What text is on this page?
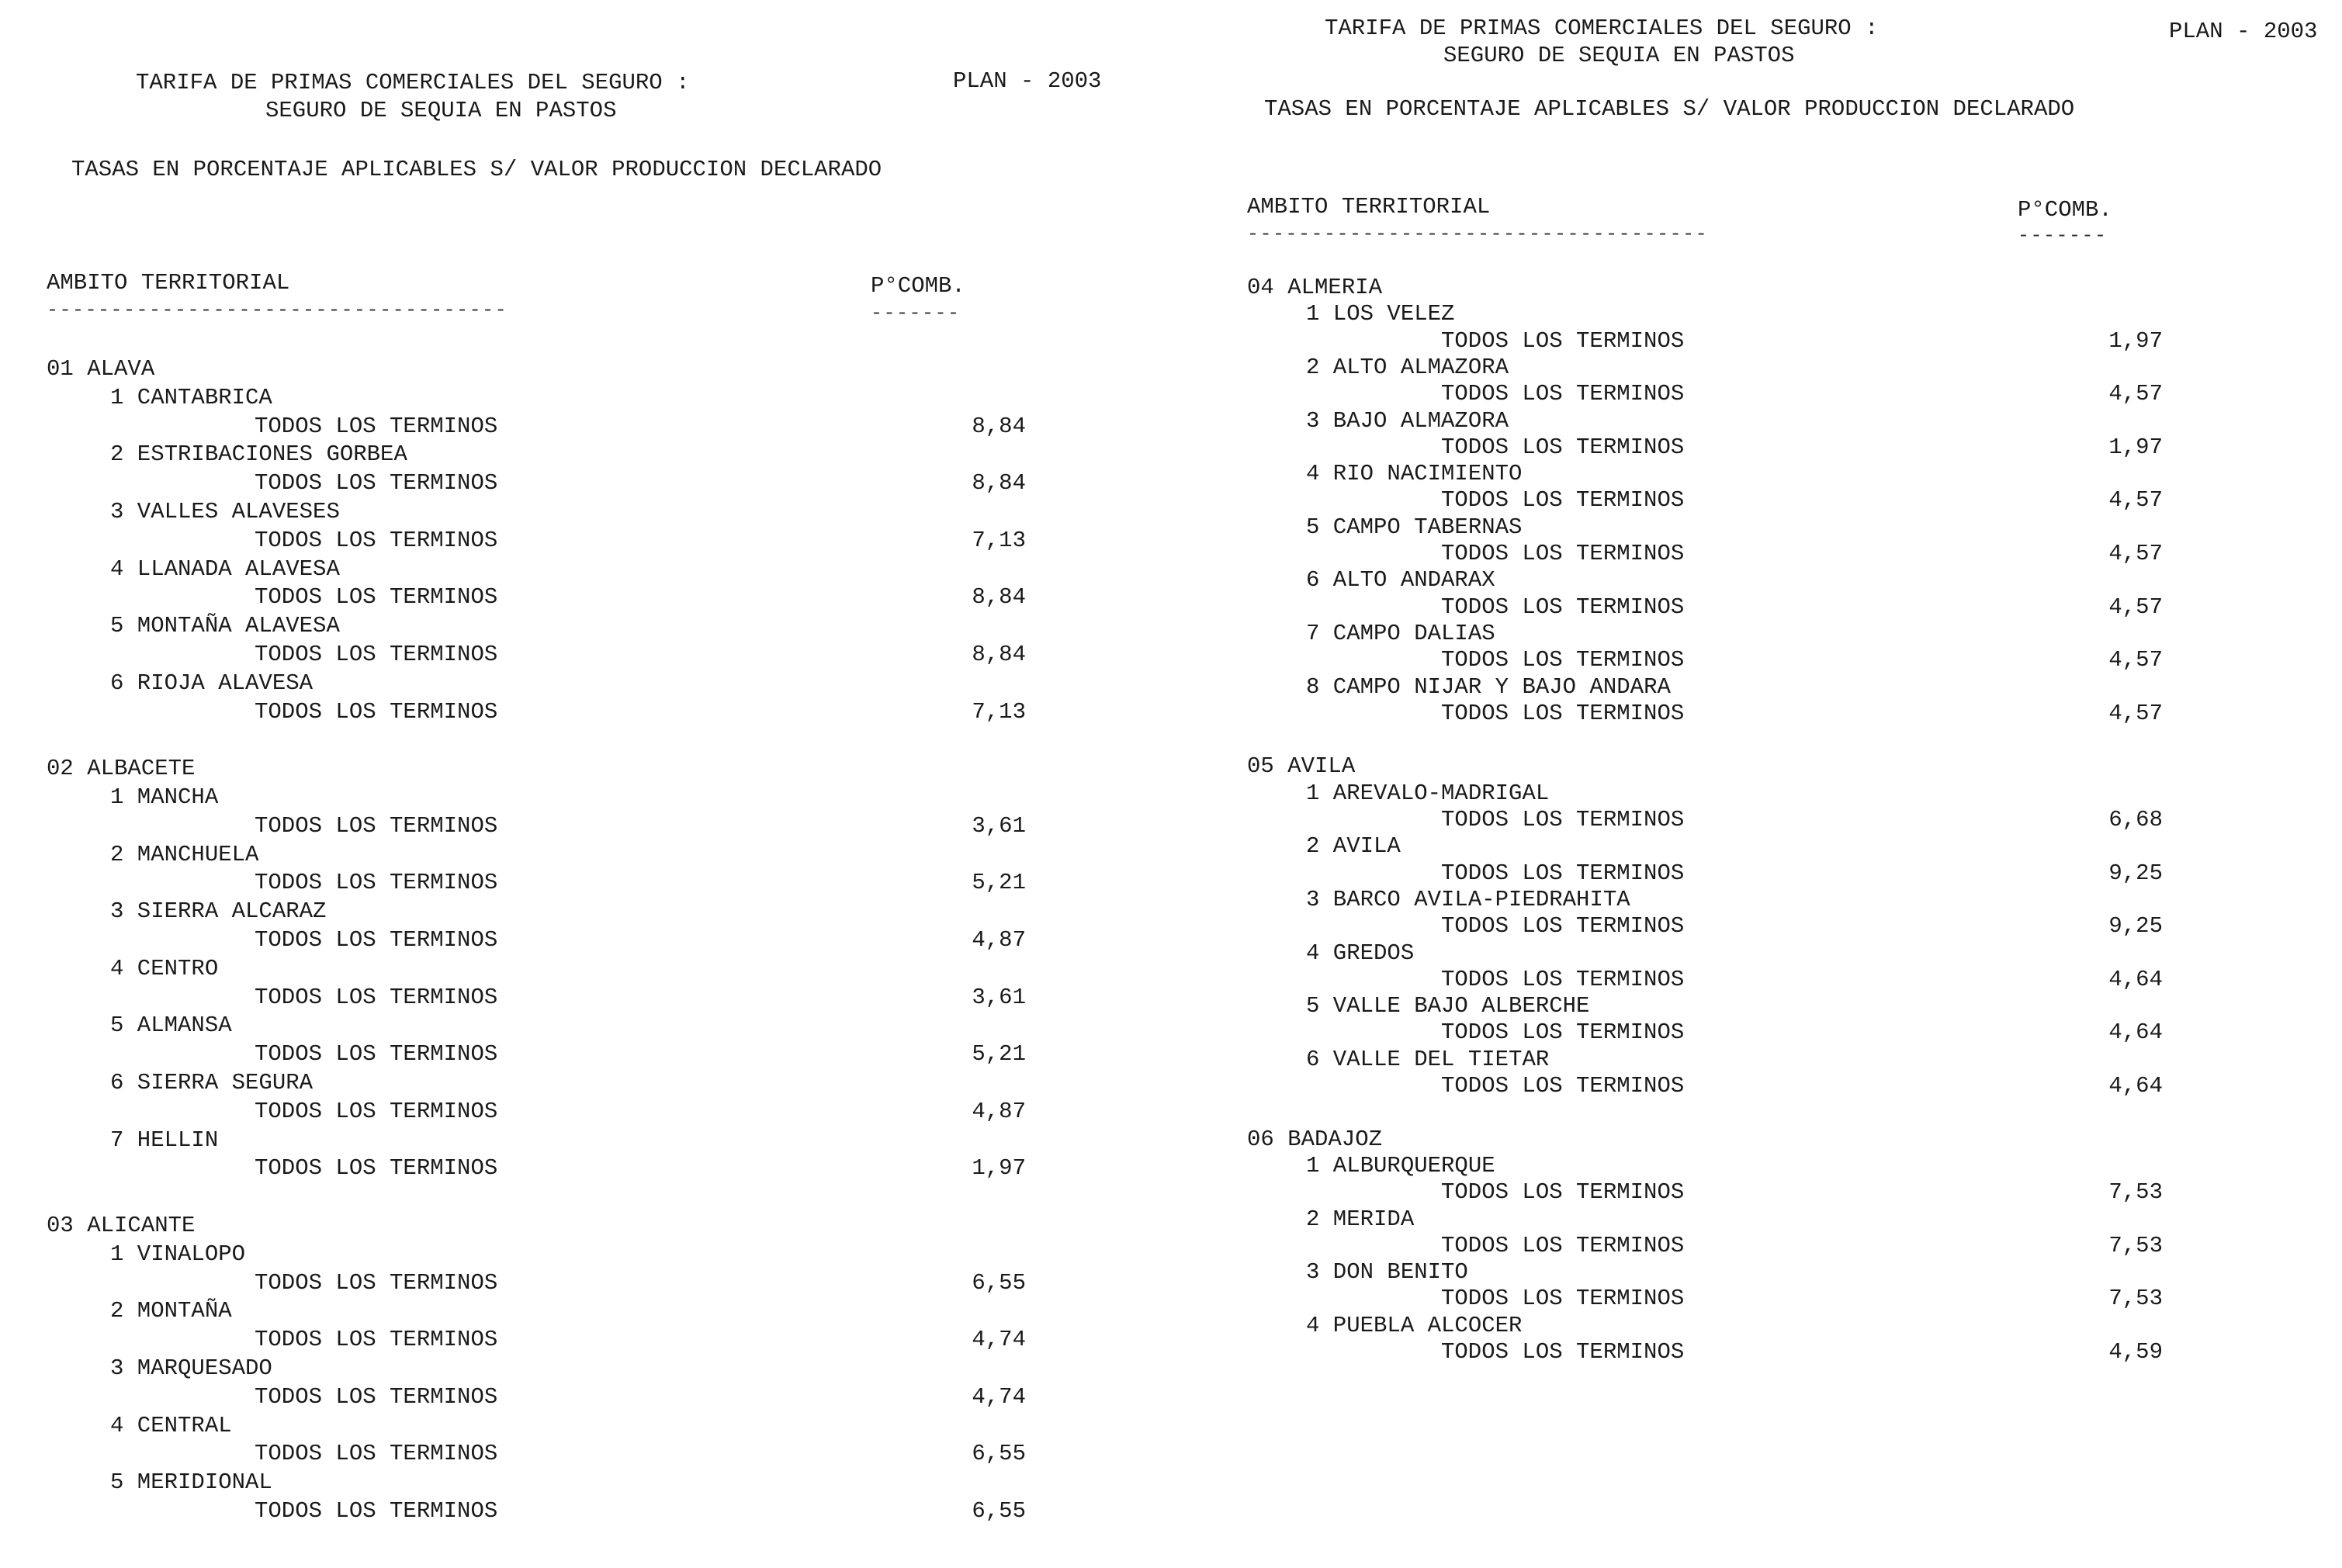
TARIFA DE PRIMAS COMERCIALES DEL SEGURO :
SEGURO DE SEQUIA EN PASTOS
PLAN - 2003
TASAS EN PORCENTAJE APLICABLES S/ VALOR PRODUCCION DECLARADO
AMBITO TERRITORIAL
------------------------------------
P°COMB.
-------
01 ALAVA
1 CANTABRICA
TODOS LOS TERMINOS	8,84
2 ESTRIBACIONES GORBEA
TODOS LOS TERMINOS	8,84
3 VALLES ALAVESES
TODOS LOS TERMINOS	7,13
4 LLANADA ALAVESA
TODOS LOS TERMINOS	8,84
5 MONTAÑA ALAVESA
TODOS LOS TERMINOS	8,84
6 RIOJA ALAVESA
TODOS LOS TERMINOS	7,13
02 ALBACETE
1 MANCHA
TODOS LOS TERMINOS	3,61
2 MANCHUELA
TODOS LOS TERMINOS	5,21
3 SIERRA ALCARAZ
TODOS LOS TERMINOS	4,87
4 CENTRO
TODOS LOS TERMINOS	3,61
5 ALMANSA
TODOS LOS TERMINOS	5,21
6 SIERRA SEGURA
TODOS LOS TERMINOS	4,87
7 HELLIN
TODOS LOS TERMINOS	1,97
03 ALICANTE
1 VINALOPO
TODOS LOS TERMINOS	6,55
2 MONTAÑA
TODOS LOS TERMINOS	4,74
3 MARQUESADO
TODOS LOS TERMINOS	4,74
4 CENTRAL
TODOS LOS TERMINOS	6,55
5 MERIDIONAL
TODOS LOS TERMINOS	6,55
TARIFA DE PRIMAS COMERCIALES DEL SEGURO :
SEGURO DE SEQUIA EN PASTOS
PLAN - 2003
TASAS EN PORCENTAJE APLICABLES S/ VALOR PRODUCCION DECLARADO
AMBITO TERRITORIAL
------------------------------------
P°COMB.
-------
04 ALMERIA
1 LOS VELEZ
TODOS LOS TERMINOS	1,97
2 ALTO ALMAZORA
TODOS LOS TERMINOS	4,57
3 BAJO ALMAZORA
TODOS LOS TERMINOS	1,97
4 RIO NACIMIENTO
TODOS LOS TERMINOS	4,57
5 CAMPO TABERNAS
TODOS LOS TERMINOS	4,57
6 ALTO ANDARAX
TODOS LOS TERMINOS	4,57
7 CAMPO DALIAS
TODOS LOS TERMINOS	4,57
8 CAMPO NIJAR Y BAJO ANDARA
TODOS LOS TERMINOS	4,57
05 AVILA
1 AREVALO-MADRIGAL
TODOS LOS TERMINOS	6,68
2 AVILA
TODOS LOS TERMINOS	9,25
3 BARCO AVILA-PIEDRAHITA
TODOS LOS TERMINOS	9,25
4 GREDOS
TODOS LOS TERMINOS	4,64
5 VALLE BAJO ALBERCHE
TODOS LOS TERMINOS	4,64
6 VALLE DEL TIETAR
TODOS LOS TERMINOS	4,64
06 BADAJOZ
1 ALBURQUERQUE
TODOS LOS TERMINOS	7,53
2 MERIDA
TODOS LOS TERMINOS	7,53
3 DON BENITO
TODOS LOS TERMINOS	7,53
4 PUEBLA ALCOCER
TODOS LOS TERMINOS	4,59
